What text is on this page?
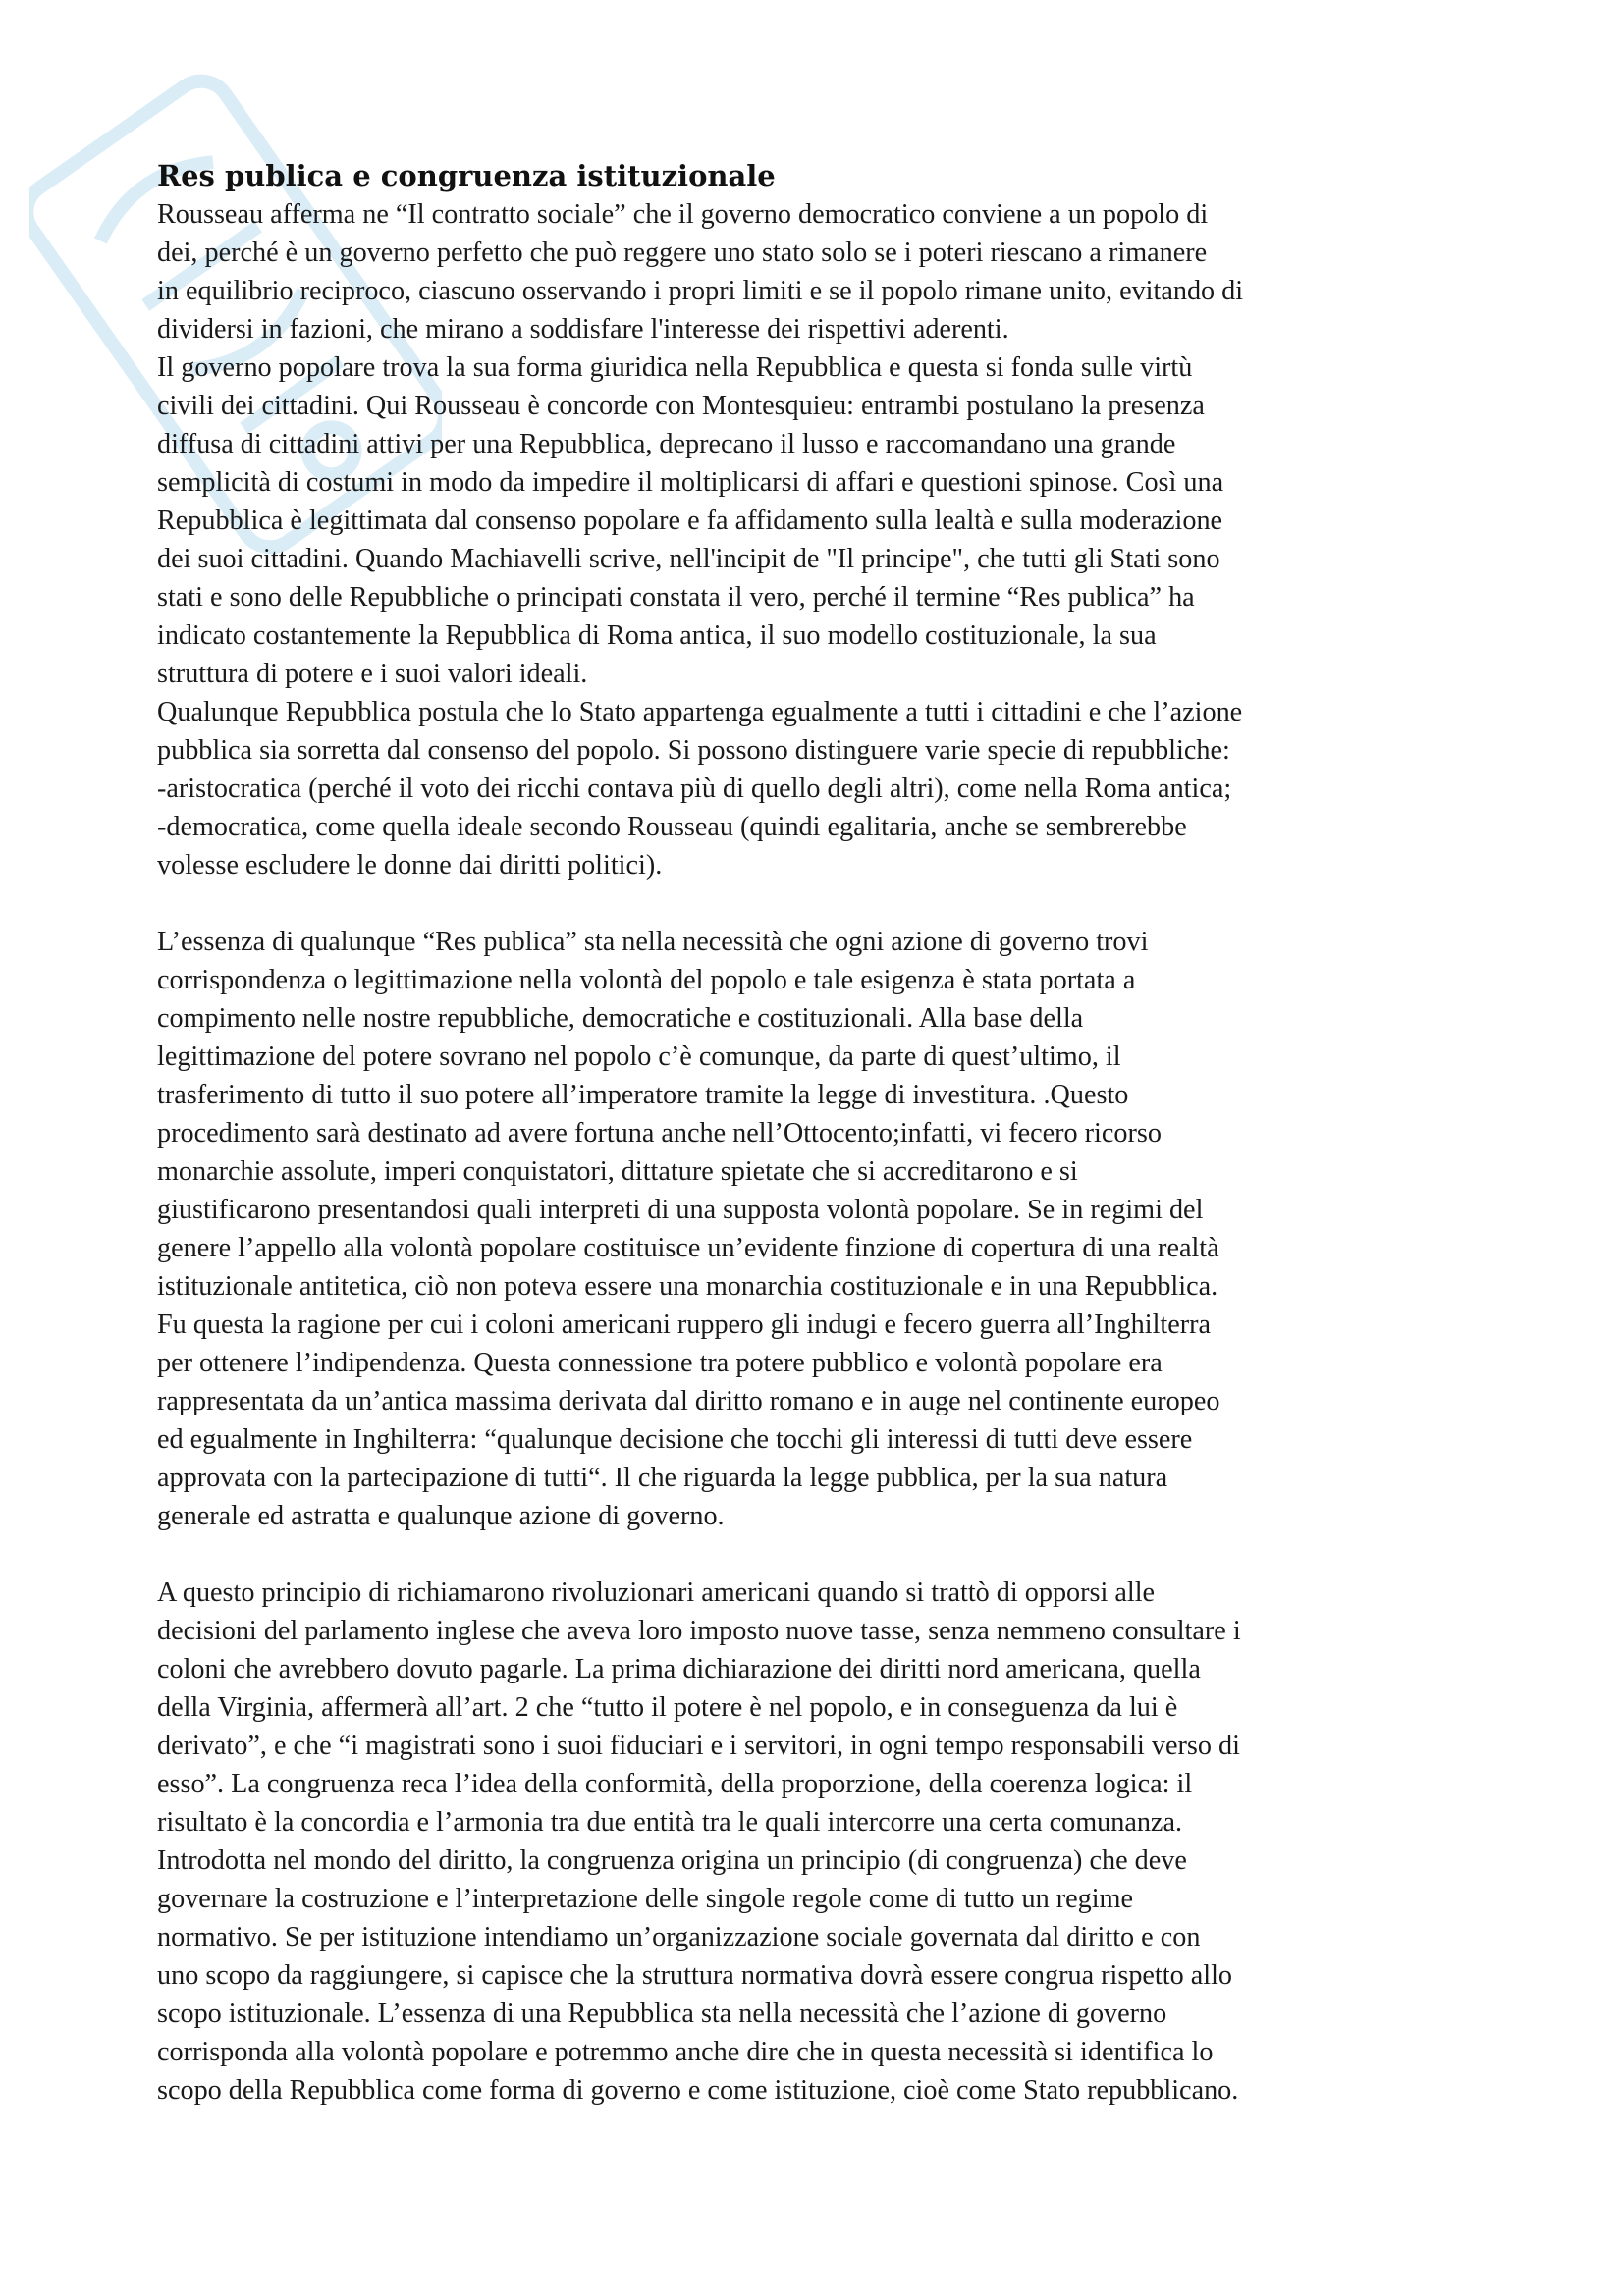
Res publica e congruenza istituzionale

Rousseau afferma ne “Il contratto sociale” che il governo democratico conviene a un popolo di
dei, perché è un governo perfetto che può reggere uno stato solo se i poteri riescano a rimanere
in equilibrio reciproco, ciascuno osservando i propri limiti e se il popolo rimane unito, evitando di
dividersi in fazioni, che mirano a soddisfare l'interesse dei rispettivi aderenti.

Il governo popolare trova la sua forma giuridica nella Repubblica e questa si fonda sulle virtù
civili dei cittadini. Qui Rousseau è concorde con Montesquieu: entrambi postulano la presenza
diffusa di cittadini attivi per una Repubblica, deprecano il lusso e raccomandano una grande
semplicità di costumi in modo da impedire il moltiplicarsi di affari e questioni spinose. Così una
Repubblica è legittimata dal consenso popolare e fa affidamento sulla lealtà e sulla moderazione
dei suoi cittadini. Quando Machiavelli scrive, nell'incipit de "Il principe", che tutti gli Stati sono
stati e sono delle Repubbliche o principati constata il vero, perché il termine “Res publica” ha
indicato costantemente la Repubblica di Roma antica, il suo modello costituzionale, la sua
struttura di potere e i suoi valori ideali.

Qualunque Repubblica postula che lo Stato appartenga egualmente a tutti i cittadini e che l’azione
pubblica sia sorretta dal consenso del popolo. Si possono distinguere varie specie di repubbliche:
-aristocratica (perché il voto dei ricchi contava più di quello degli altri), come nella Roma antica;
-democratica, come quella ideale secondo Rousseau (quindi egalitaria, anche se sembrerebbe
volesse escludere le donne dai diritti politici).

L’essenza di qualunque “Res publica” sta nella necessità che ogni azione di governo trovi
corrispondenza o legittimazione nella volontà del popolo e tale esigenza è stata portata a
compimento nelle nostre repubbliche, democratiche e costituzionali. Alla base della
legittimazione del potere sovrano nel popolo c’è comunque, da parte di quest’ultimo, il
trasferimento di tutto il suo potere all’imperatore tramite la legge di investitura. .Questo
procedimento sarà destinato ad avere fortuna anche nell’Ottocento;infatti, vi fecero ricorso
monarchie assolute, imperi conquistatori, dittature spietate che si accreditarono e si
giustificarono presentandosi quali interpreti di una supposta volontà popolare. Se in regimi del
genere l’appello alla volontà popolare costituisce un’evidente finzione di copertura di una realtà
istituzionale antitetica, ciò non poteva essere una monarchia costituzionale e in una Repubblica.
Fu questa la ragione per cui i coloni americani ruppero gli indugi e fecero guerra all’Inghilterra
per ottenere l’indipendenza. Questa connessione tra potere pubblico e volontà popolare era
rappresentata da un’antica massima derivata dal diritto romano e in auge nel continente europeo
ed egualmente in Inghilterra: “qualunque decisione che tocchi gli interessi di tutti deve essere
approvata con la partecipazione di tutti“. Il che riguarda la legge pubblica, per la sua natura
generale ed astratta e qualunque azione di governo.

A questo principio di richiamarono rivoluzionari americani quando si trattò di opporsi alle
decisioni del parlamento inglese che aveva loro imposto nuove tasse, senza nemmeno consultare i
coloni che avrebbero dovuto pagarle. La prima dichiarazione dei diritti nord americana, quella
della Virginia, affermerà all’art. 2 che “tutto il potere è nel popolo, e in conseguenza da lui è
derivato”, e che “i magistrati sono i suoi fiduciari e i servitori, in ogni tempo responsabili verso di
esso”. La congruenza reca l’idea della conformità, della proporzione, della coerenza logica: il
risultato è la concordia e l’armonia tra due entità tra le quali intercorre una certa comunanza.
Introdotta nel mondo del diritto, la congruenza origina un principio (di congruenza) che deve
governare la costruzione e l’interpretazione delle singole regole come di tutto un regime
normativo. Se per istituzione intendiamo un’organizzazione sociale governata dal diritto e con
uno scopo da raggiungere, si capisce che la struttura normativa dovrà essere congrua rispetto allo
scopo istituzionale. L’essenza di una Repubblica sta nella necessità che l’azione di governo
corrisponda alla volontà popolare e potremmo anche dire che in questa necessità si identifica lo
scopo della Repubblica come forma di governo e come istituzione, cioè come Stato repubblicano.
